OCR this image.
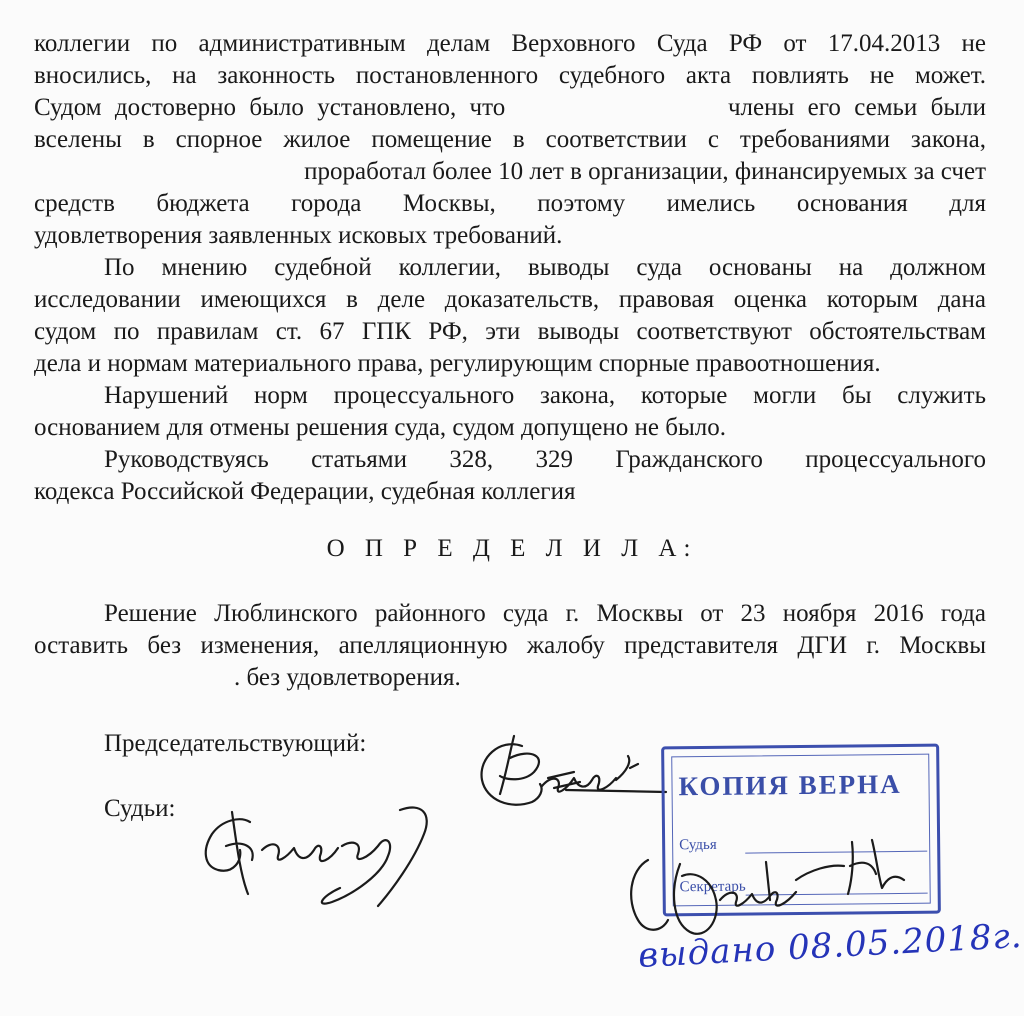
коллегии по административным делам Верховного Суда РФ от 17.04.2013 не
вносились, на законность постановленного судебного акта повлиять не может.
Судом достоверно было установлено, что	члены его семьи были
вселены в спорное жилое помещение в соответствии с требованиями закона,
проработал более 10 лет в организации, финансируемых за счет
средств бюджета города Москвы, поэтому имелись основания для
удовлетворения заявленных исковых требований.
По мнению судебной коллегии, выводы суда основаны на должном
исследовании имеющихся в деле доказательств, правовая оценка которым дана
судом по правилам ст. 67 ГПК РФ, эти выводы соответствуют обстоятельствам
дела и нормам материального права, регулирующим спорные правоотношения.
Нарушений норм процессуального закона, которые могли бы служить
основанием для отмены решения суда, судом допущено не было.
Руководствуясь статьями 328, 329 Гражданского процессуального
кодекса Российской Федерации, судебная коллегия
О П Р Е Д Е Л И Л А:
Решение Люблинского районного суда г. Москвы от 23 ноября 2016 года
оставить без изменения, апелляционную жалобу представителя ДГИ г. Москвы
. без удовлетворения.
Председательствующий:
Судьи:
КОПИЯ ВЕРНА
Судья
Секретарь
выдано 08.05.2018г.
